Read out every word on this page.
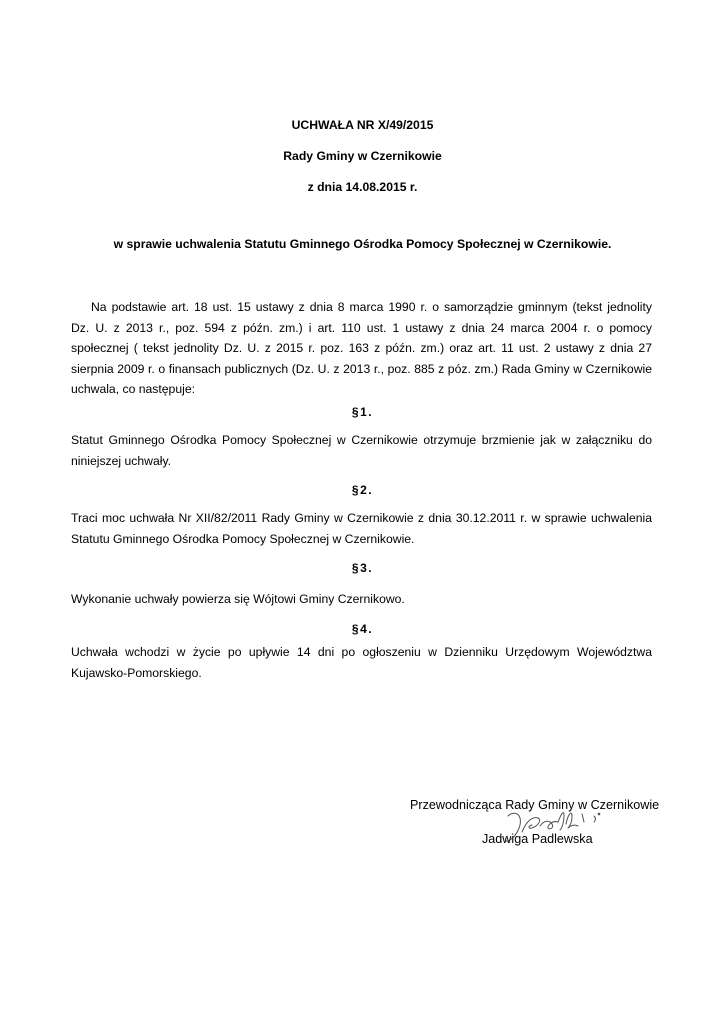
UCHWAŁA NR X/49/2015
Rady Gminy w Czernikowie
z dnia 14.08.2015 r.
w sprawie uchwalenia Statutu Gminnego Ośrodka Pomocy Społecznej w Czernikowie.
Na podstawie art. 18 ust. 15 ustawy z dnia 8 marca 1990 r. o samorządzie gminnym (tekst jednolity
Dz. U. z 2013 r., poz. 594 z późn. zm.) i art. 110 ust. 1 ustawy z dnia 24 marca 2004 r. o pomocy
społecznej ( tekst jednolity Dz. U. z 2015 r. poz. 163 z późn. zm.) oraz art. 11 ust. 2 ustawy z dnia 27
sierpnia 2009 r. o finansach publicznych (Dz. U. z 2013 r., poz. 885 z póz. zm.) Rada Gminy w Czernikowie
uchwala, co następuje:
§1.
Statut Gminnego Ośrodka Pomocy Społecznej w Czernikowie otrzymuje brzmienie jak w załączniku do
niniejszej uchwały.
§2.
Traci moc uchwała Nr XII/82/2011 Rady Gminy w Czernikowie z dnia 30.12.2011 r. w sprawie uchwalenia
Statutu Gminnego Ośrodka Pomocy Społecznej w Czernikowie.
§3.
Wykonanie uchwały powierza się Wójtowi Gminy Czernikowo.
§4.
Uchwała wchodzi w życie po upływie 14 dni po ogłoszeniu w Dzienniku Urzędowym Województwa
Kujawsko-Pomorskiego.
Przewodnicząca Rady Gminy w Czernikowie
Jadwiga Padlewska
